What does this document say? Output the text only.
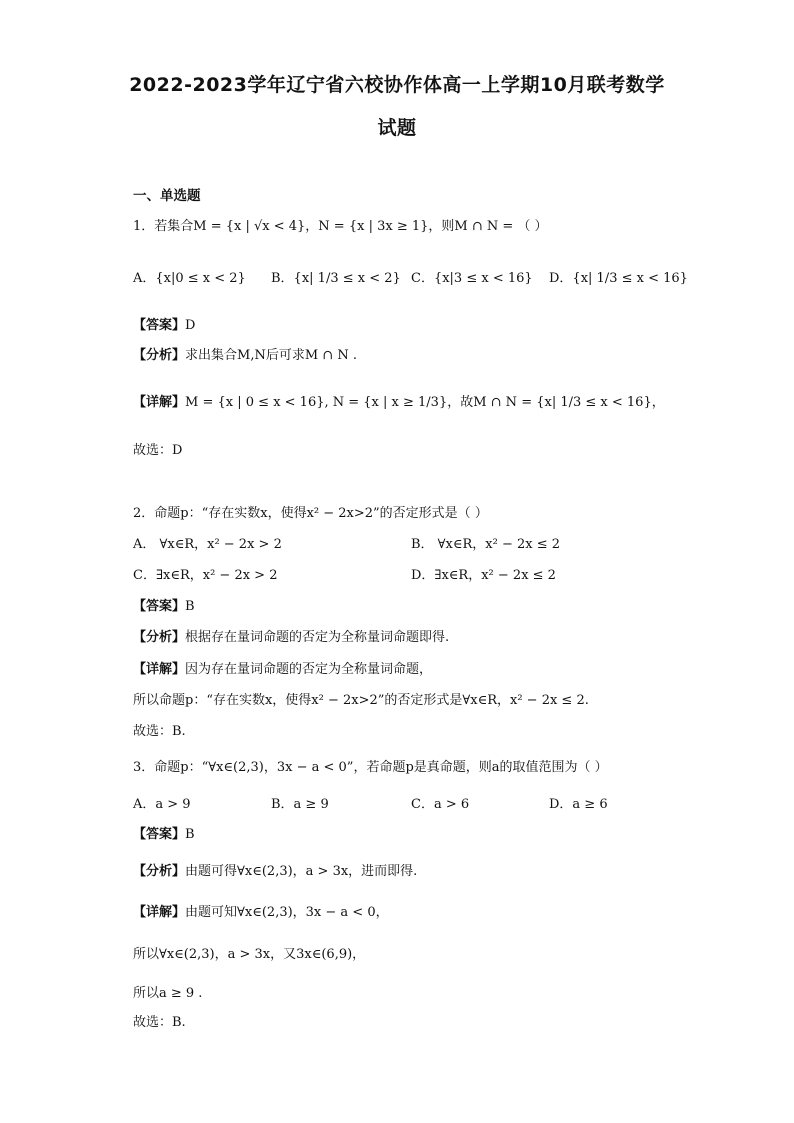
2022-2023学年辽宁省六校协作体高一上学期10月联考数学
试题
一、单选题
1．若集合M = {x | √x < 4}，N = {x | 3x ≥ 1}，则M ∩ N = （ ）
A．{x|0 ≤ x < 2} B．{x| 1/3 ≤ x < 2} C．{x|3 ≤ x < 16} D．{x| 1/3 ≤ x < 16}
【 答案 】 D
【 分析 】 求出集合M,N后可求M ∩ N .
【 详解 】 M = {x | 0 ≤ x < 16}, N = {x | x ≥ 1/3}，故M ∩ N = {x| 1/3 ≤ x < 16}，
故选：D
2．命题p：“存在实数x，使得x² − 2x>2”的否定形式是（ ）
A． ∀x∈R，x² − 2x > 2	B． ∀x∈R，x² − 2x ≤ 2
C．∃x∈R，x² − 2x > 2	D．∃x∈R，x² − 2x ≤ 2
【 答案 】 B
【 分析 】 根据存在量词命题的否定为全称量词命题即得.
【 详解 】 因为存在量词命题的否定为全称量词命题，
所以命题p：“存在实数x，使得x² − 2x>2”的否定形式是∀x∈R，x² − 2x ≤ 2.
故选：B.
3．命题p：“∀x∈(2,3)，3x − a < 0”，若命题p是真命题，则a的取值范围为（ ）
A．a > 9	B．a ≥ 9	C．a > 6	D．a ≥ 6
【 答案 】 B
【 分析 】 由题可得∀x∈(2,3)，a > 3x，进而即得.
【 详解 】 由题可知∀x∈(2,3)，3x − a < 0，
所以∀x∈(2,3)，a > 3x，又3x∈(6,9)，
所以a ≥ 9 .
故选：B.
